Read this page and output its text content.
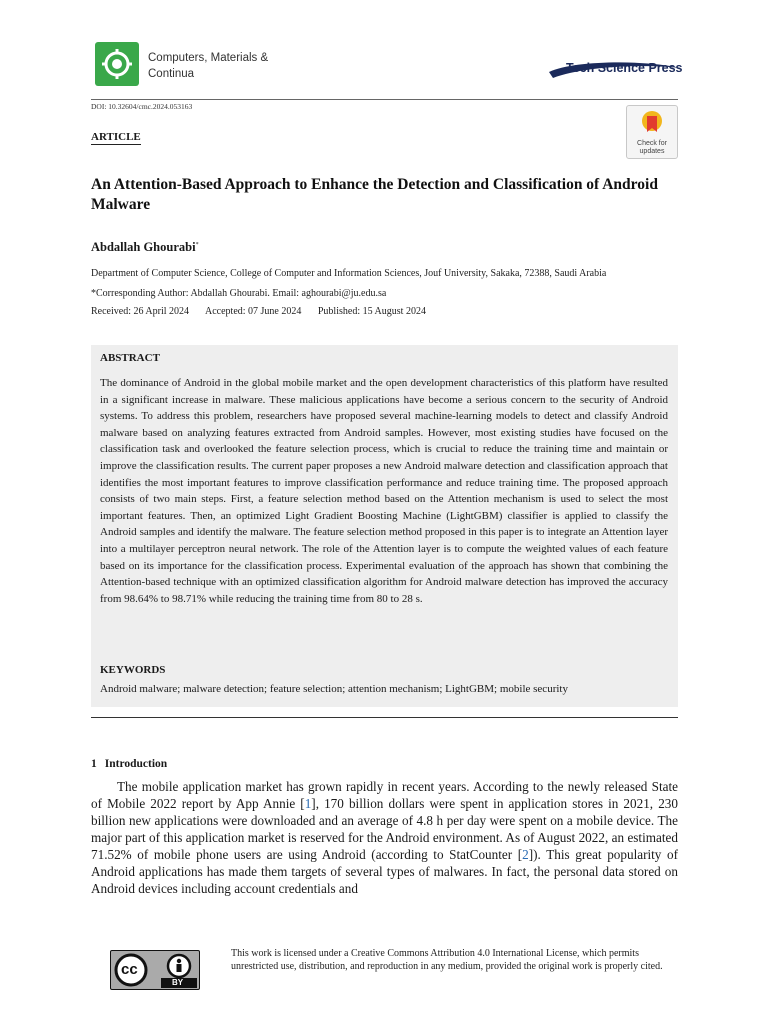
Computers, Materials &
Continua	Tech Science Press
DOI: 10.32604/cmc.2024.053163
ARTICLE
Check for updates
An Attention-Based Approach to Enhance the Detection and Classification of Android Malware
Abdallah Ghourabi*
Department of Computer Science, College of Computer and Information Sciences, Jouf University, Sakaka, 72388, Saudi Arabia
*Corresponding Author: Abdallah Ghourabi. Email: aghourabi@ju.edu.sa
Received: 26 April 2024 Accepted: 07 June 2024 Published: 15 August 2024
ABSTRACT
The dominance of Android in the global mobile market and the open development characteristics of this platform have resulted in a significant increase in malware. These malicious applications have become a serious concern to the security of Android systems. To address this problem, researchers have proposed several machine-learning models to detect and classify Android malware based on analyzing features extracted from Android samples. However, most existing studies have focused on the classification task and overlooked the feature selection process, which is crucial to reduce the training time and maintain or improve the classification results. The current paper proposes a new Android malware detection and classification approach that identifies the most important features to improve classification performance and reduce training time. The proposed approach consists of two main steps. First, a feature selection method based on the Attention mechanism is used to select the most important features. Then, an optimized Light Gradient Boosting Machine (LightGBM) classifier is applied to classify the Android samples and identify the malware. The feature selection method proposed in this paper is to integrate an Attention layer into a multilayer perceptron neural network. The role of the Attention layer is to compute the weighted values of each feature based on its importance for the classification process. Experimental evaluation of the approach has shown that combining the Attention-based technique with an optimized classification algorithm for Android malware detection has improved the accuracy from 98.64% to 98.71% while reducing the training time from 80 to 28 s.
KEYWORDS
Android malware; malware detection; feature selection; attention mechanism; LightGBM; mobile security
1 Introduction
The mobile application market has grown rapidly in recent years. According to the newly released State of Mobile 2022 report by App Annie [1], 170 billion dollars were spent in application stores in 2021, 230 billion new applications were downloaded and an average of 4.8 h per day were spent on a mobile device. The major part of this application market is reserved for the Android environment. As of August 2022, an estimated 71.52% of mobile phone users are using Android (according to StatCounter [2]). This great popularity of Android applications has made them targets of several types of malwares. In fact, the personal data stored on Android devices including account credentials and
cc
BY
This work is licensed under a Creative Commons Attribution 4.0 International License, which permits unrestricted use, distribution, and reproduction in any medium, provided the original work is properly cited.
